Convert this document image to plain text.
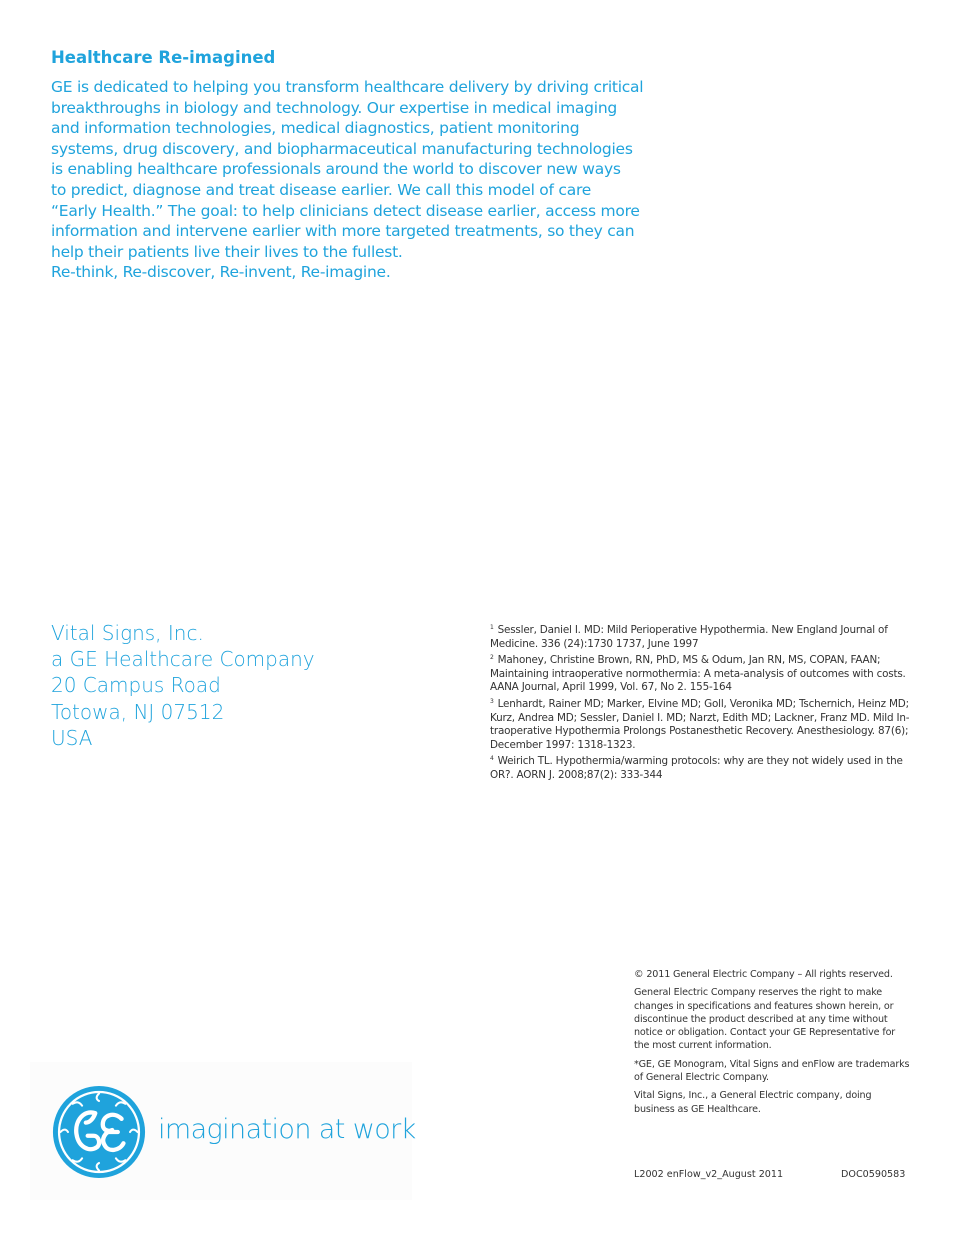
Healthcare Re-imagined

GE is dedicated to helping you transform healthcare delivery by driving critical
breakthroughs in biology and technology. Our expertise in medical imaging
and information technologies, medical diagnostics, patient monitoring
systems, drug discovery, and biopharmaceutical manufacturing technologies
is enabling healthcare professionals around the world to discover new ways
to predict, diagnose and treat disease earlier. We call this model of care
“Early Health.” The goal: to help clinicians detect disease earlier, access more
information and intervene earlier with more targeted treatments, so they can
help their patients live their lives to the fullest.
Re-think, Re-discover, Re-invent, Re-imagine.

Vital Signs, Inc.
a GE Healthcare Company
20 Campus Road
Totowa, NJ 07512
USA
$^1$ Sessler, Daniel I. MD: Mild Perioperative Hypothermia. New England Journal of
Medicine. 336 (24):1730 1737, June 1997
$^2$ Mahoney, Christine Brown, RN, PhD, MS & Odum, Jan RN, MS, COPAN, FAAN;
Maintaining intraoperative normothermia: A meta-analysis of outcomes with costs.
AANA Journal, April 1999, Vol. 67, No 2. 155-164
$^3$ Lenhardt, Rainer MD; Marker, Elvine MD; Goll, Veronika MD; Tschernich, Heinz MD;
Kurz, Andrea MD; Sessler, Daniel I. MD; Narzt, Edith MD; Lackner, Franz MD. Mild In-
traoperative Hypothermia Prolongs Postanesthetic Recovery. Anesthesiology. 87(6);
December 1997: 1318-1323.
$^4$ Weirich TL. Hypothermia/warming protocols: why are they not widely used in the
OR?. AORN J. 2008;87(2): 333-344

© 2011 General Electric Company – All rights reserved.

General Electric Company reserves the right to make
changes in specifications and features shown herein, or
discontinue the product described at any time without
notice or obligation. Contact your GE Representative for
the most current information.

*GE, GE Monogram, Vital Signs and enFlow are trademarks
of General Electric Company.

Vital Signs, Inc., a General Electric company, doing
business as GE Healthcare.

L2002 enFlow_v2_August 2011	DOC0590583
imagination at work
